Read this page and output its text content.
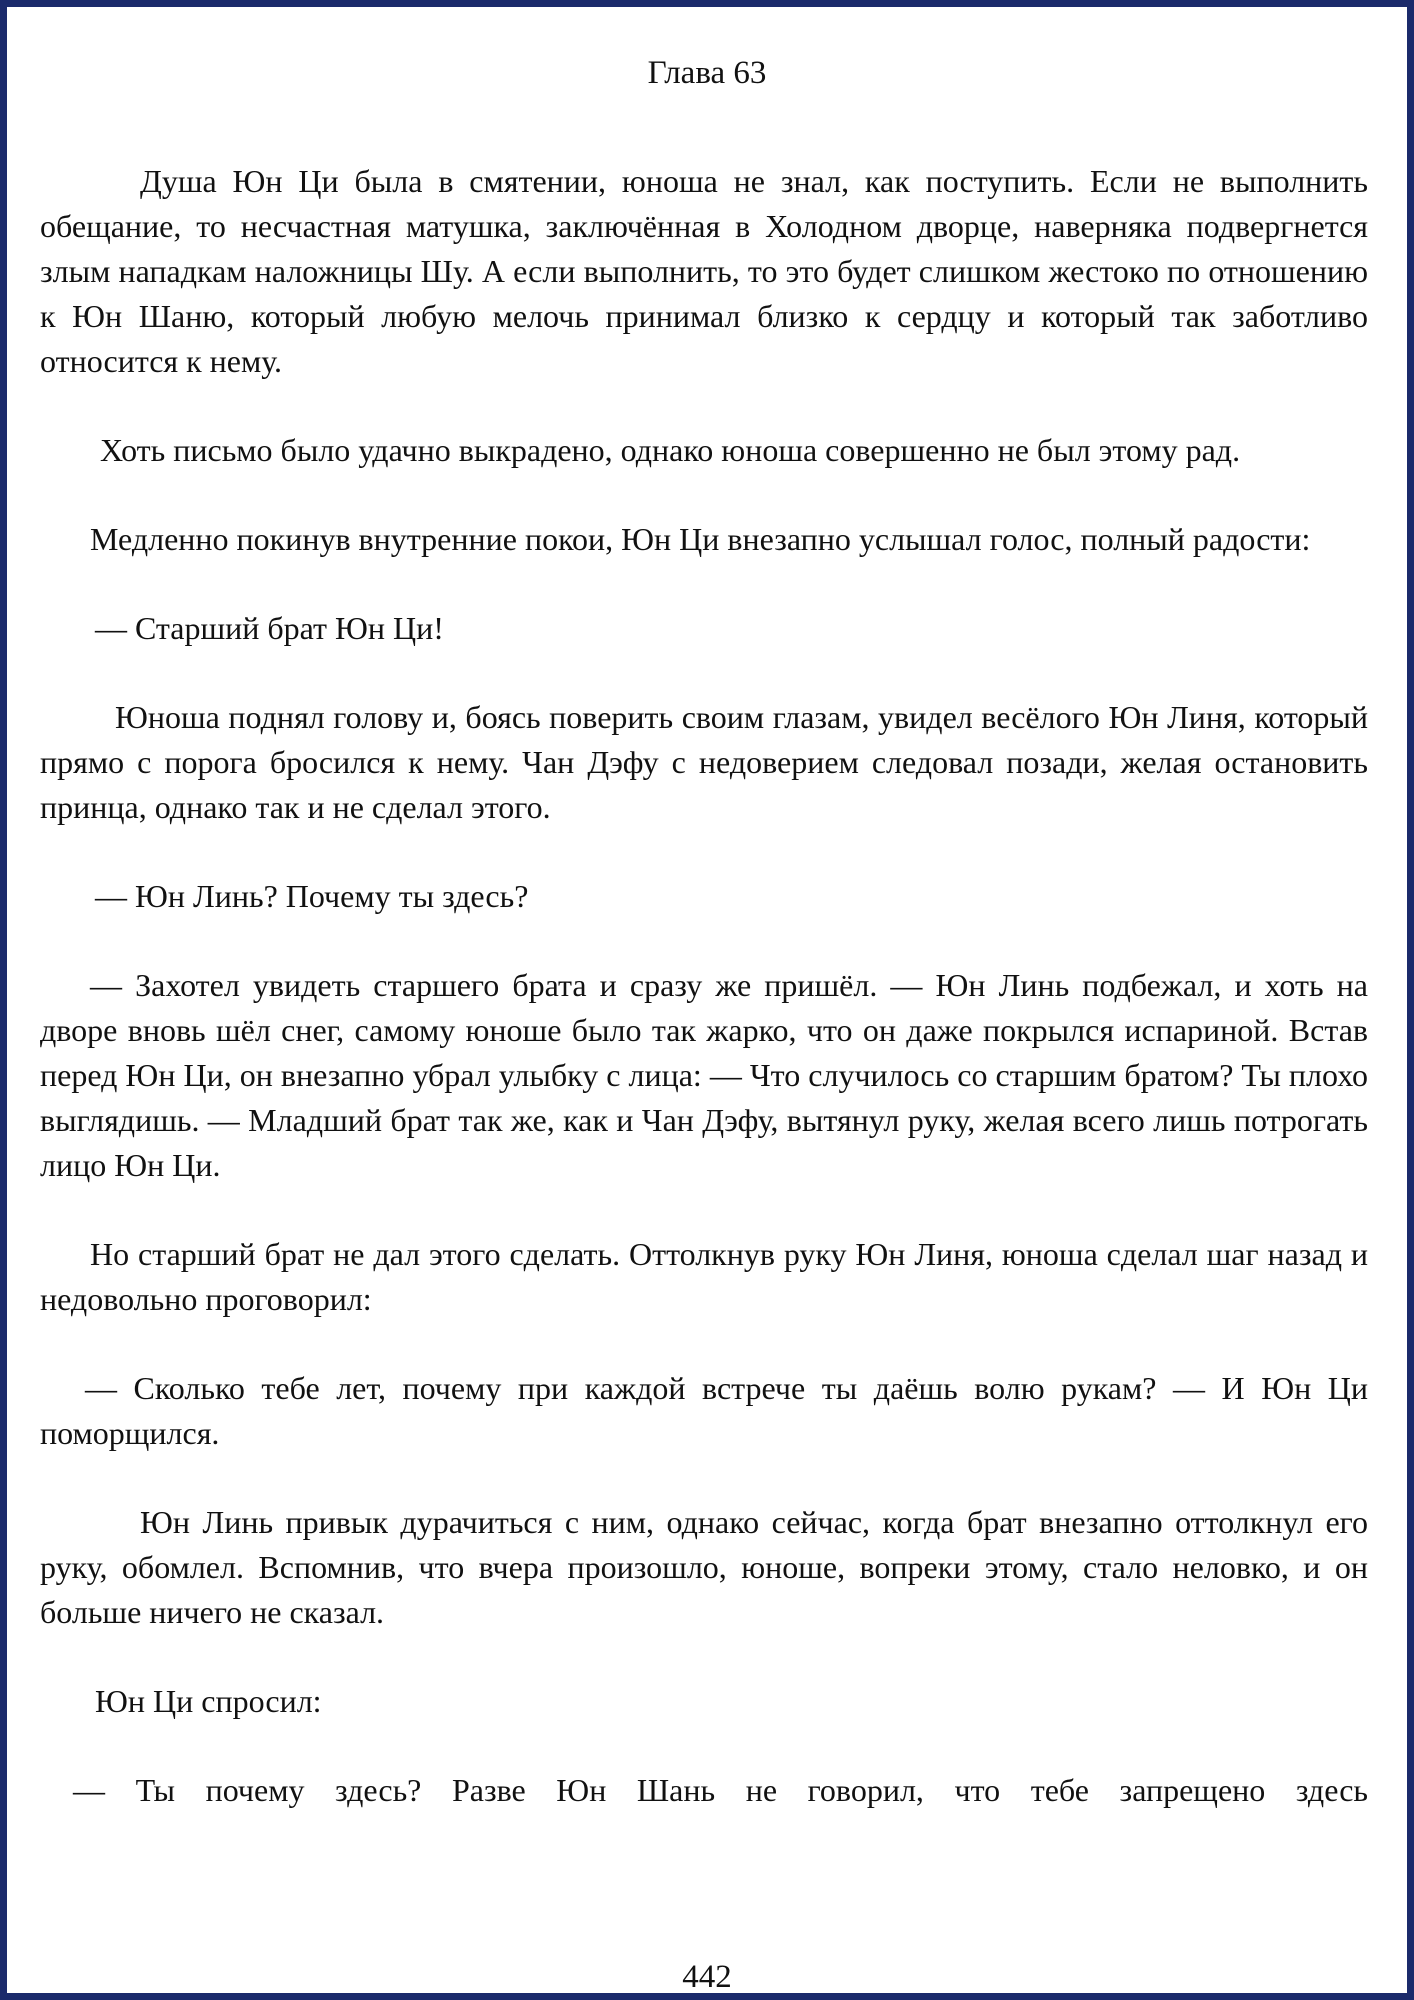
Глава 63

Душа Юн Ци была в смятении, юноша не знал, как поступить. Если не выполнить обещание, то несчастная матушка, заключённая в Холодном дворце, наверняка подвергнется злым нападкам наложницы Шу. А если выполнить, то это будет слишком жестоко по отношению к Юн Шаню, который любую мелочь принимал близко к сердцу и который так заботливо относится к нему.

Хоть письмо было удачно выкрадено, однако юноша совершенно не был этому рад.

Медленно покинув внутренние покои, Юн Ци внезапно услышал голос, полный радости:

— Старший брат Юн Ци!

Юноша поднял голову и, боясь поверить своим глазам, увидел весёлого Юн Линя, который прямо с порога бросился к нему. Чан Дэфу с недоверием следовал позади, желая остановить принца, однако так и не сделал этого.

— Юн Линь? Почему ты здесь?

— Захотел увидеть старшего брата и сразу же пришёл. — Юн Линь подбежал, и хоть на дворе вновь шёл снег, самому юноше было так жарко, что он даже покрылся испариной. Встав перед Юн Ци, он внезапно убрал улыбку с лица: — Что случилось со старшим братом? Ты плохо выглядишь. — Младший брат так же, как и Чан Дэфу, вытянул руку, желая всего лишь потрогать лицо Юн Ци.

Но старший брат не дал этого сделать. Оттолкнув руку Юн Линя, юноша сделал шаг назад и недовольно проговорил:

— Сколько тебе лет, почему при каждой встрече ты даёшь волю рукам? — И Юн Ци поморщился.

Юн Линь привык дурачиться с ним, однако сейчас, когда брат внезапно оттолкнул его руку, обомлел. Вспомнив, что вчера произошло, юноше, вопреки этому, стало неловко, и он больше ничего не сказал.

Юн Ци спросил:

— Ты почему здесь? Разве Юн Шань не говорил, что тебе запрещено здесь

442
